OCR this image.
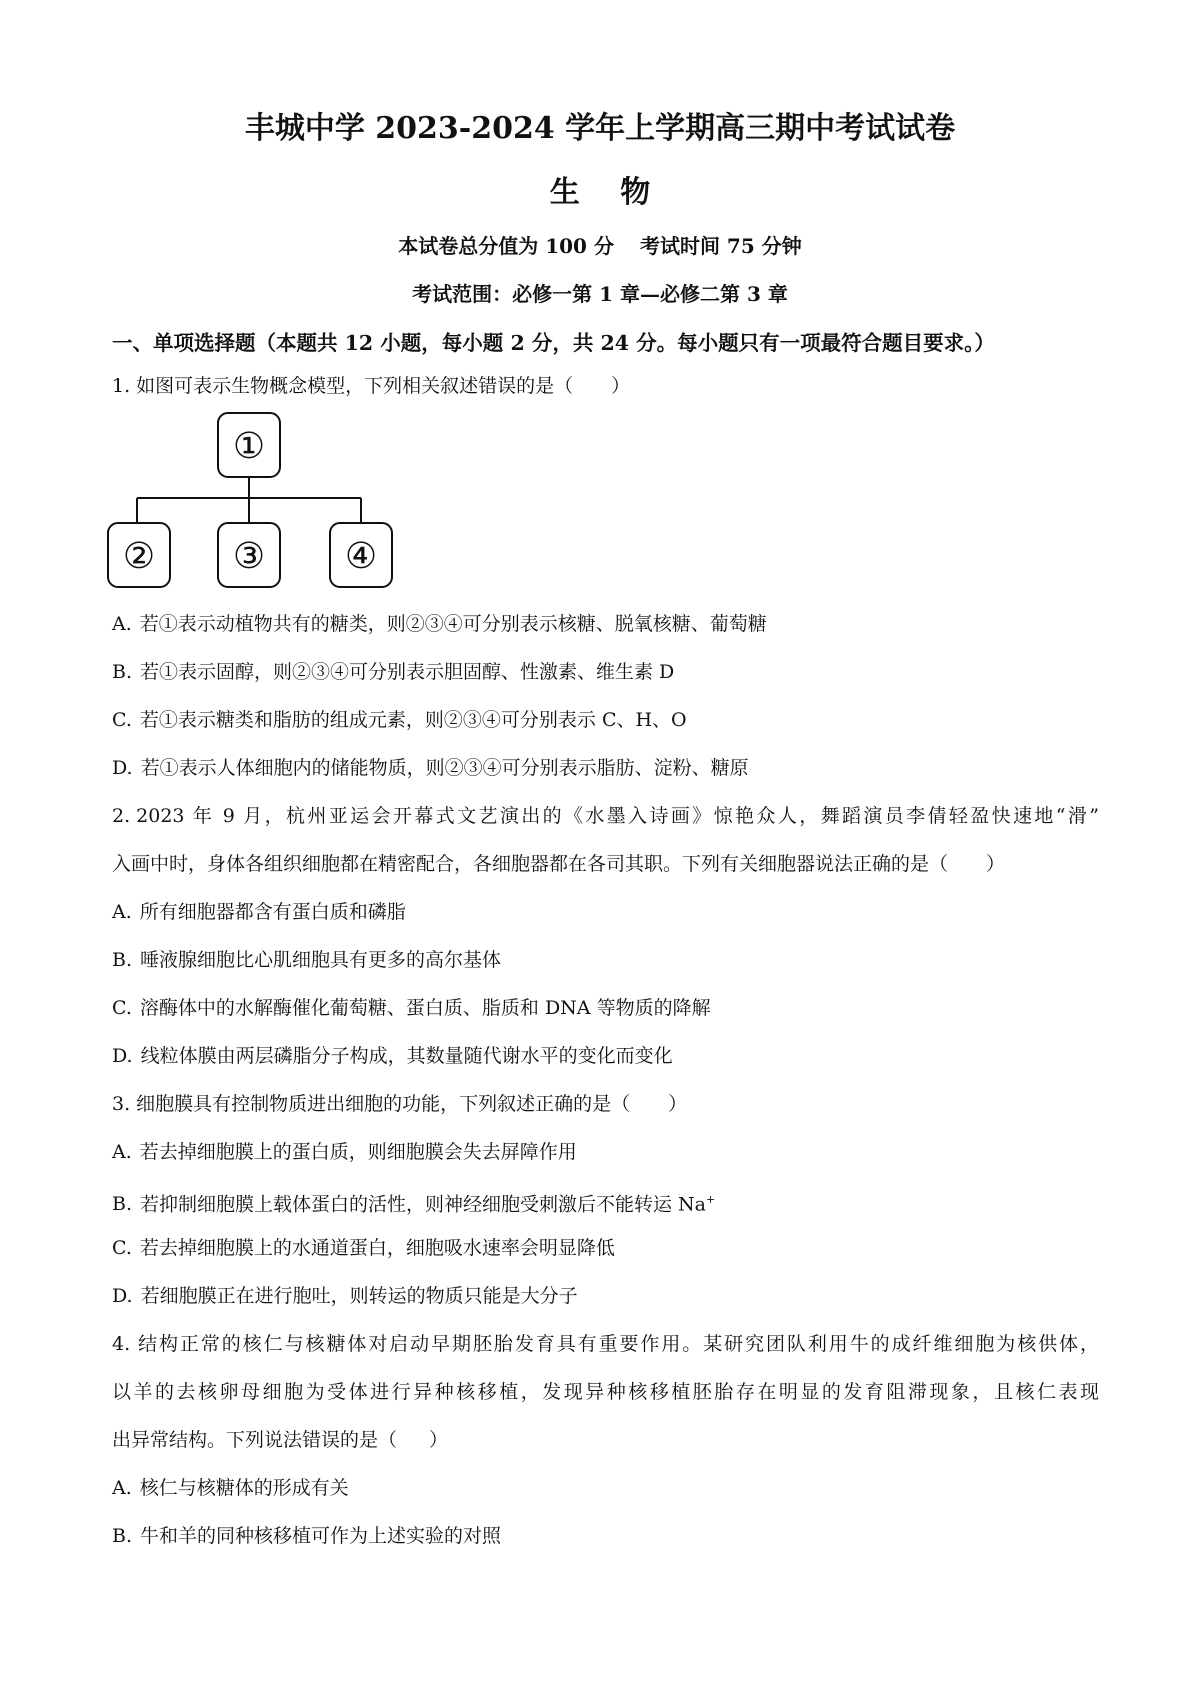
丰城中学 2023-2024 学年上学期高三期中考试试卷
生 物
本试卷总分值为 100 分 考试时间 75 分钟
考试范围：必修一第 1 章—必修二第 3 章
一、单项选择题（本题共 12 小题，每小题 2 分，共 24 分。每小题只有一项最符合题目要求。）
1. 如图可表示生物概念模型，下列相关叙述错误的是（ ）
①
② ③ ④
A. 若①表示动植物共有的糖类，则②③④可分别表示核糖、脱氧核糖、葡萄糖
B. 若①表示固醇，则②③④可分别表示胆固醇、性激素、维生素 D
C. 若①表示糖类和脂肪的组成元素，则②③④可分别表示 C、H、O
D. 若①表示人体细胞内的储能物质，则②③④可分别表示脂肪、淀粉、糖原
2. 2023 年 9 月，杭州亚运会开幕式文艺演出的《水墨入诗画》惊艳众人，舞蹈演员李倩轻盈快速地“滑”
入画中时，身体各组织细胞都在精密配合，各细胞器都在各司其职。下列有关细胞器说法正确的是（ ）
A. 所有细胞器都含有蛋白质和磷脂
B. 唾液腺细胞比心肌细胞具有更多的高尔基体
C. 溶酶体中的水解酶催化葡萄糖、蛋白质、脂质和 DNA 等物质的降解
D. 线粒体膜由两层磷脂分子构成，其数量随代谢水平的变化而变化
3. 细胞膜具有控制物质进出细胞的功能，下列叙述正确的是（ ）
A. 若去掉细胞膜上的蛋白质，则细胞膜会失去屏障作用
B. 若抑制细胞膜上载体蛋白的活性，则神经细胞受刺激后不能转运 Na+
C. 若去掉细胞膜上的水通道蛋白，细胞吸水速率会明显降低
D. 若细胞膜正在进行胞吐，则转运的物质只能是大分子
4. 结构正常的核仁与核糖体对启动早期胚胎发育具有重要作用。某研究团队利用牛的成纤维细胞为核供体，
以羊的去核卵母细胞为受体进行异种核移植，发现异种核移植胚胎存在明显的发育阻滞现象，且核仁表现
出异常结构。下列说法错误的是（ ）
A. 核仁与核糖体的形成有关
B. 牛和羊的同种核移植可作为上述实验的对照
